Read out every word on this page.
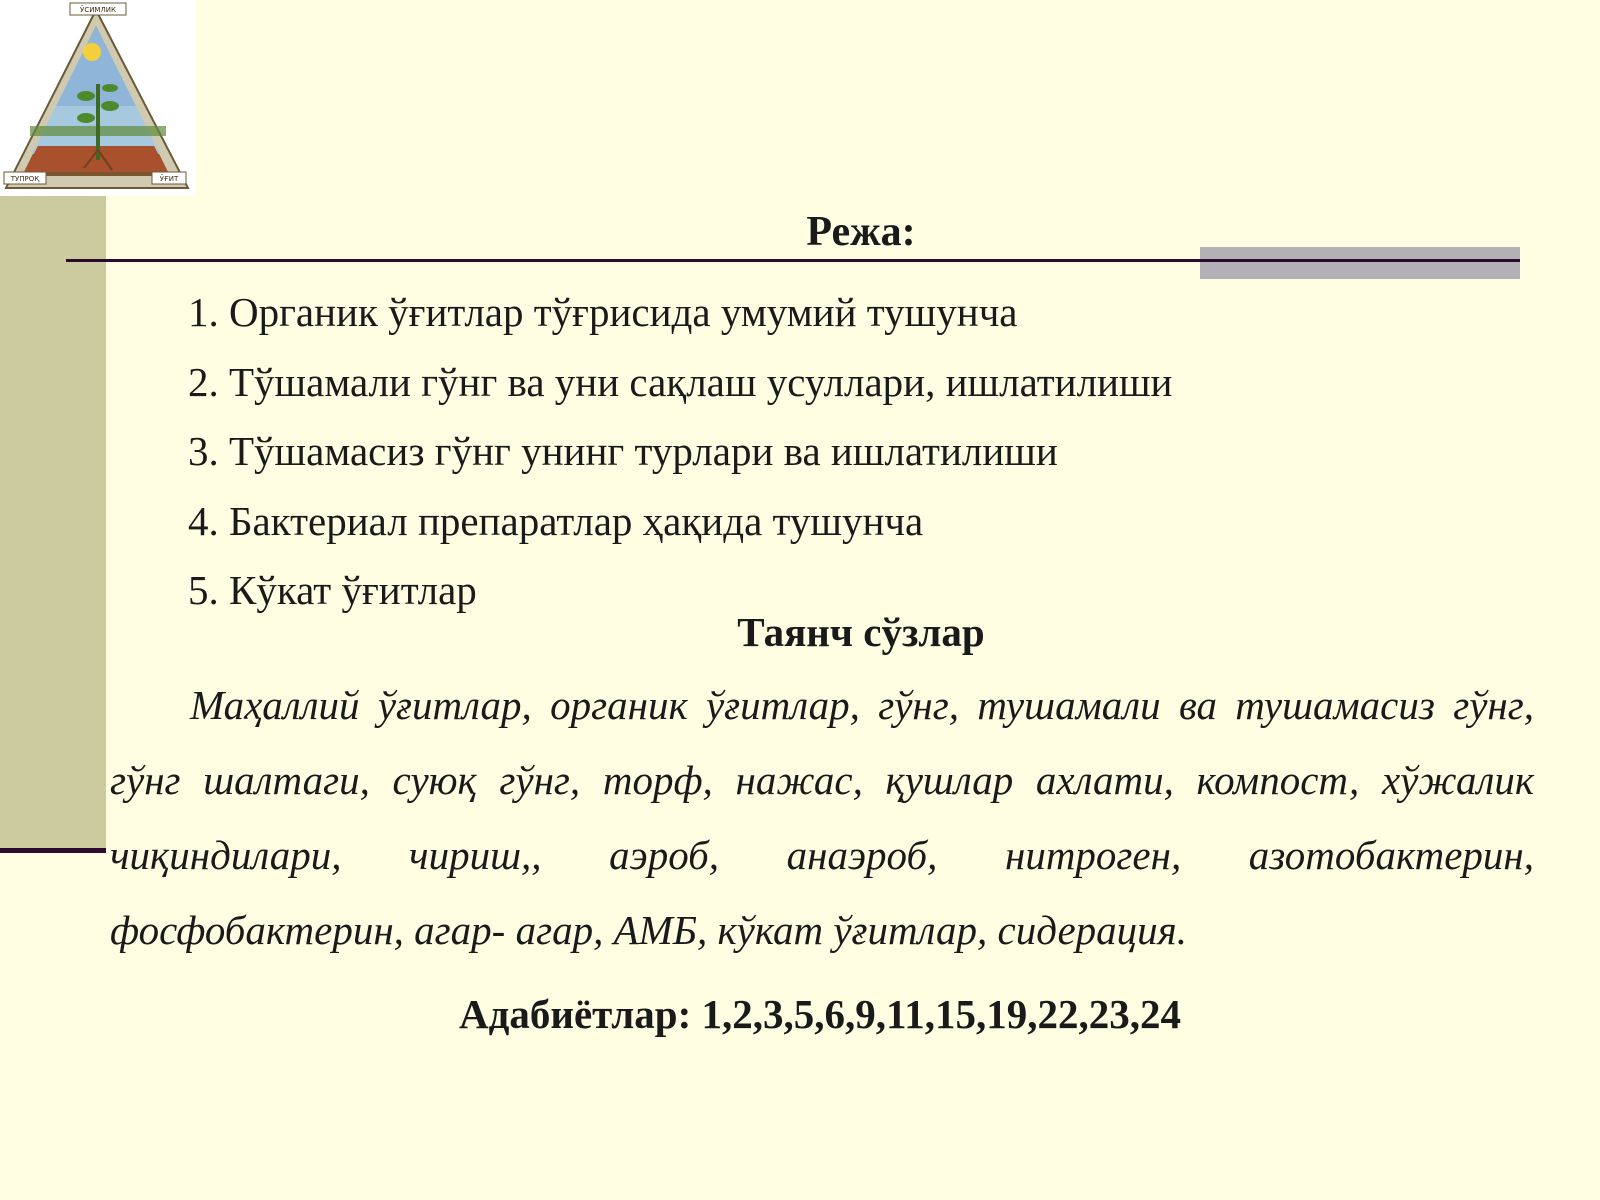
ЎСИМЛИК
ТУПРОҚ	ЎҒИТ
Режа:
1. Органик ўғитлар тўғрисида умумий тушунча
2. Тўшамали гўнг ва уни сақлаш усуллари, ишлатилиши
3. Тўшамасиз гўнг унинг турлари ва ишлатилиши
4. Бактериал препаратлар ҳақида тушунча
5. Кўкат ўғитлар
Таянч сўзлар

Маҳаллий ўғитлар, органик ўғитлар, гўнг, тушамали ва тушамасиз гўнг, гўнг шалтаги, суюқ гўнг, торф, нажас, қушлар ахлати, компост, хўжалик чиқиндилари, чириш,, аэроб, анаэроб, нитроген, азотобактерин, фосфобактерин, агар- агар, АМБ, кўкат ўғитлар, сидерация.

Адабиётлар: 1,2,3,5,6,9,11,15,19,22,23,24
